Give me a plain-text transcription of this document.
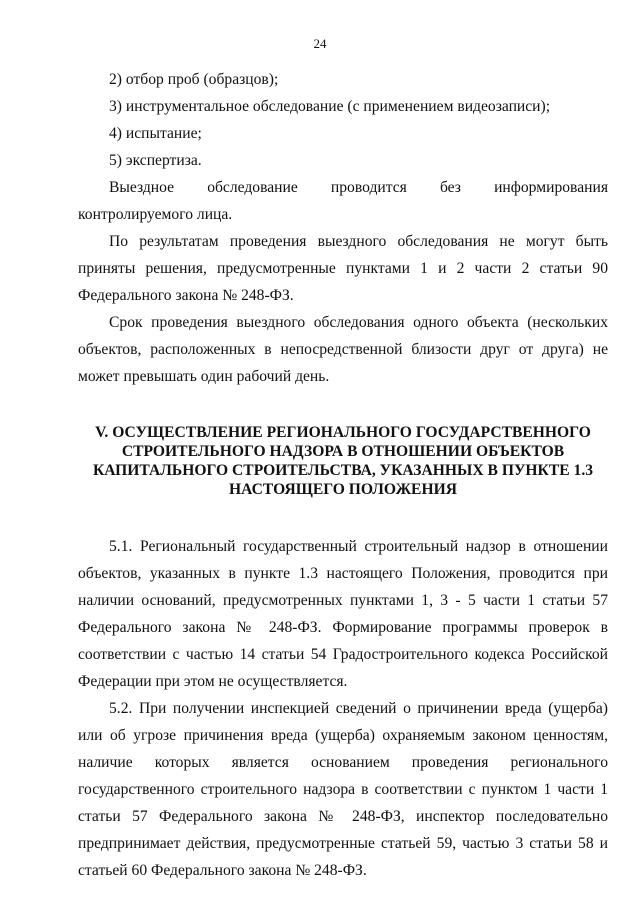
24

2) отбор проб (образцов);

3) инструментальное обследование (с применением видеозаписи);

4) испытание;

5) экспертиза.

Выездное обследование проводится без информирования контролируемого лица.

По результатам проведения выездного обследования не могут быть приняты решения, предусмотренные пунктами 1 и 2 части 2 статьи 90 Федерального закона № 248-ФЗ.

Срок проведения выездного обследования одного объекта (нескольких объектов, расположенных в непосредственной близости друг от друга) не может превышать один рабочий день.

V. ОСУЩЕСТВЛЕНИЕ РЕГИОНАЛЬНОГО ГОСУДАРСТВЕННОГО СТРОИТЕЛЬНОГО НАДЗОРА В ОТНОШЕНИИ ОБЪЕКТОВ КАПИТАЛЬНОГО СТРОИТЕЛЬСТВА, УКАЗАННЫХ В ПУНКТЕ 1.3 НАСТОЯЩЕГО ПОЛОЖЕНИЯ

5.1. Региональный государственный строительный надзор в отношении объектов, указанных в пункте 1.3 настоящего Положения, проводится при наличии оснований, предусмотренных пунктами 1, 3 - 5 части 1 статьи 57 Федерального закона № 248-ФЗ. Формирование программы проверок в соответствии с частью 14 статьи 54 Градостроительного кодекса Российской Федерации при этом не осуществляется.

5.2. При получении инспекцией сведений о причинении вреда (ущерба) или об угрозе причинения вреда (ущерба) охраняемым законом ценностям, наличие которых является основанием проведения регионального государственного строительного надзора в соответствии с пунктом 1 части 1 статьи 57 Федерального закона № 248-ФЗ, инспектор последовательно предпринимает действия, предусмотренные статьей 59, частью 3 статьи 58 и статьей 60 Федерального закона № 248-ФЗ.
